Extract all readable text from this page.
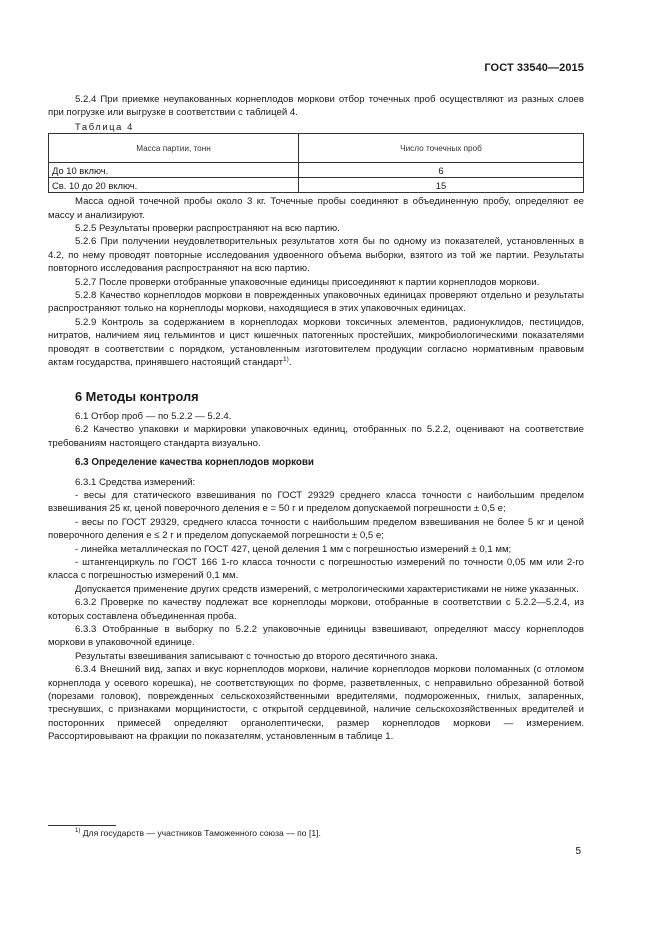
ГОСТ 33540—2015

5.2.4 При приемке неупакованных корнеплодов моркови отбор точечных проб осуществляют из разных слоев при погрузке или выгрузке в соответствии с таблицей 4.

Таблица 4

Масса партии, тонн	Число точечных проб
До 10 включ.	6
Св. 10 до 20 включ.	15

Масса одной точечной пробы около 3 кг. Точечные пробы соединяют в объединенную пробу, определяют ее массу и анализируют.

5.2.5 Результаты проверки распространяют на всю партию.

5.2.6 При получении неудовлетворительных результатов хотя бы по одному из показателей, установленных в 4.2, по нему проводят повторные исследования удвоенного объема выборки, взятого из той же партии. Результаты повторного исследования распространяют на всю партию.

5.2.7 После проверки отобранные упаковочные единицы присоединяют к партии корнеплодов моркови.

5.2.8 Качество корнеплодов моркови в поврежденных упаковочных единицах проверяют отдельно и результаты распространяют только на корнеплоды моркови, находящиеся в этих упаковочных единицах.

5.2.9 Контроль за содержанием в корнеплодах моркови токсичных элементов, радионуклидов, пестицидов, нитратов, наличием яиц гельминтов и цист кишечных патогенных простейших, микробиологическими показателями проводят в соответствии с порядком, установленным изготовителем продукции согласно нормативным правовым актам государства, принявшего настоящий стандарт$^{1)}$.

6 Методы контроля

6.1 Отбор проб — по 5.2.2 — 5.2.4.

6.2 Качество упаковки и маркировки упаковочных единиц, отобранных по 5.2.2, оценивают на соответствие требованиям настоящего стандарта визуально.

6.3 Определение качества корнеплодов моркови

6.3.1 Средства измерений:

- весы для статического взвешивания по ГОСТ 29329 среднего класса точности с наибольшим пределом взвешивания 25 кг, ценой поверочного деления е = 50 г и пределом допускаемой погрешности ± 0,5 е;

- весы по ГОСТ 29329, среднего класса точности с наибольшим пределом взвешивания не более 5 кг и ценой поверочного деления е ≤ 2 г и пределом допускаемой погрешности ± 0,5 е;

- линейка металлическая по ГОСТ 427, ценой деления 1 мм с погрешностью измерений ± 0,1 мм;

- штангенциркуль по ГОСТ 166 1-го класса точности с погрешностью измерений по точности 0,05 мм или 2-го класса с погрешностью измерений 0,1 мм.

Допускается применение других средств измерений, с метрологическими характеристиками не ниже указанных.

6.3.2 Проверке по качеству подлежат все корнеплоды моркови, отобранные в соответствии с 5.2.2—5.2.4, из которых составлена объединенная проба.

6.3.3 Отобранные в выборку по 5.2.2 упаковочные единицы взвешивают, определяют массу корнеплодов моркови в упаковочной единице.

Результаты взвешивания записывают с точностью до второго десятичного знака.

6.3.4 Внешний вид, запах и вкус корнеплодов моркови, наличие корнеплодов моркови поломанных (с отломом корнеплода у осевого корешка), не соответствующих по форме, разветвленных, с неправильно обрезанной ботвой (порезами головок), поврежденных сельскохозяйственными вредителями, подмороженных, гнилых, запаренных, треснувших, с признаками морщинистости, с открытой сердцевиной, наличие сельскохозяйственных вредителей и посторонних примесей определяют органолептически, размер корнеплодов моркови — измерением. Рассортировывают на фракции по показателям, установленным в таблице 1.

$^{1)}$ Для государств — участников Таможенного союза — по [1].
5
